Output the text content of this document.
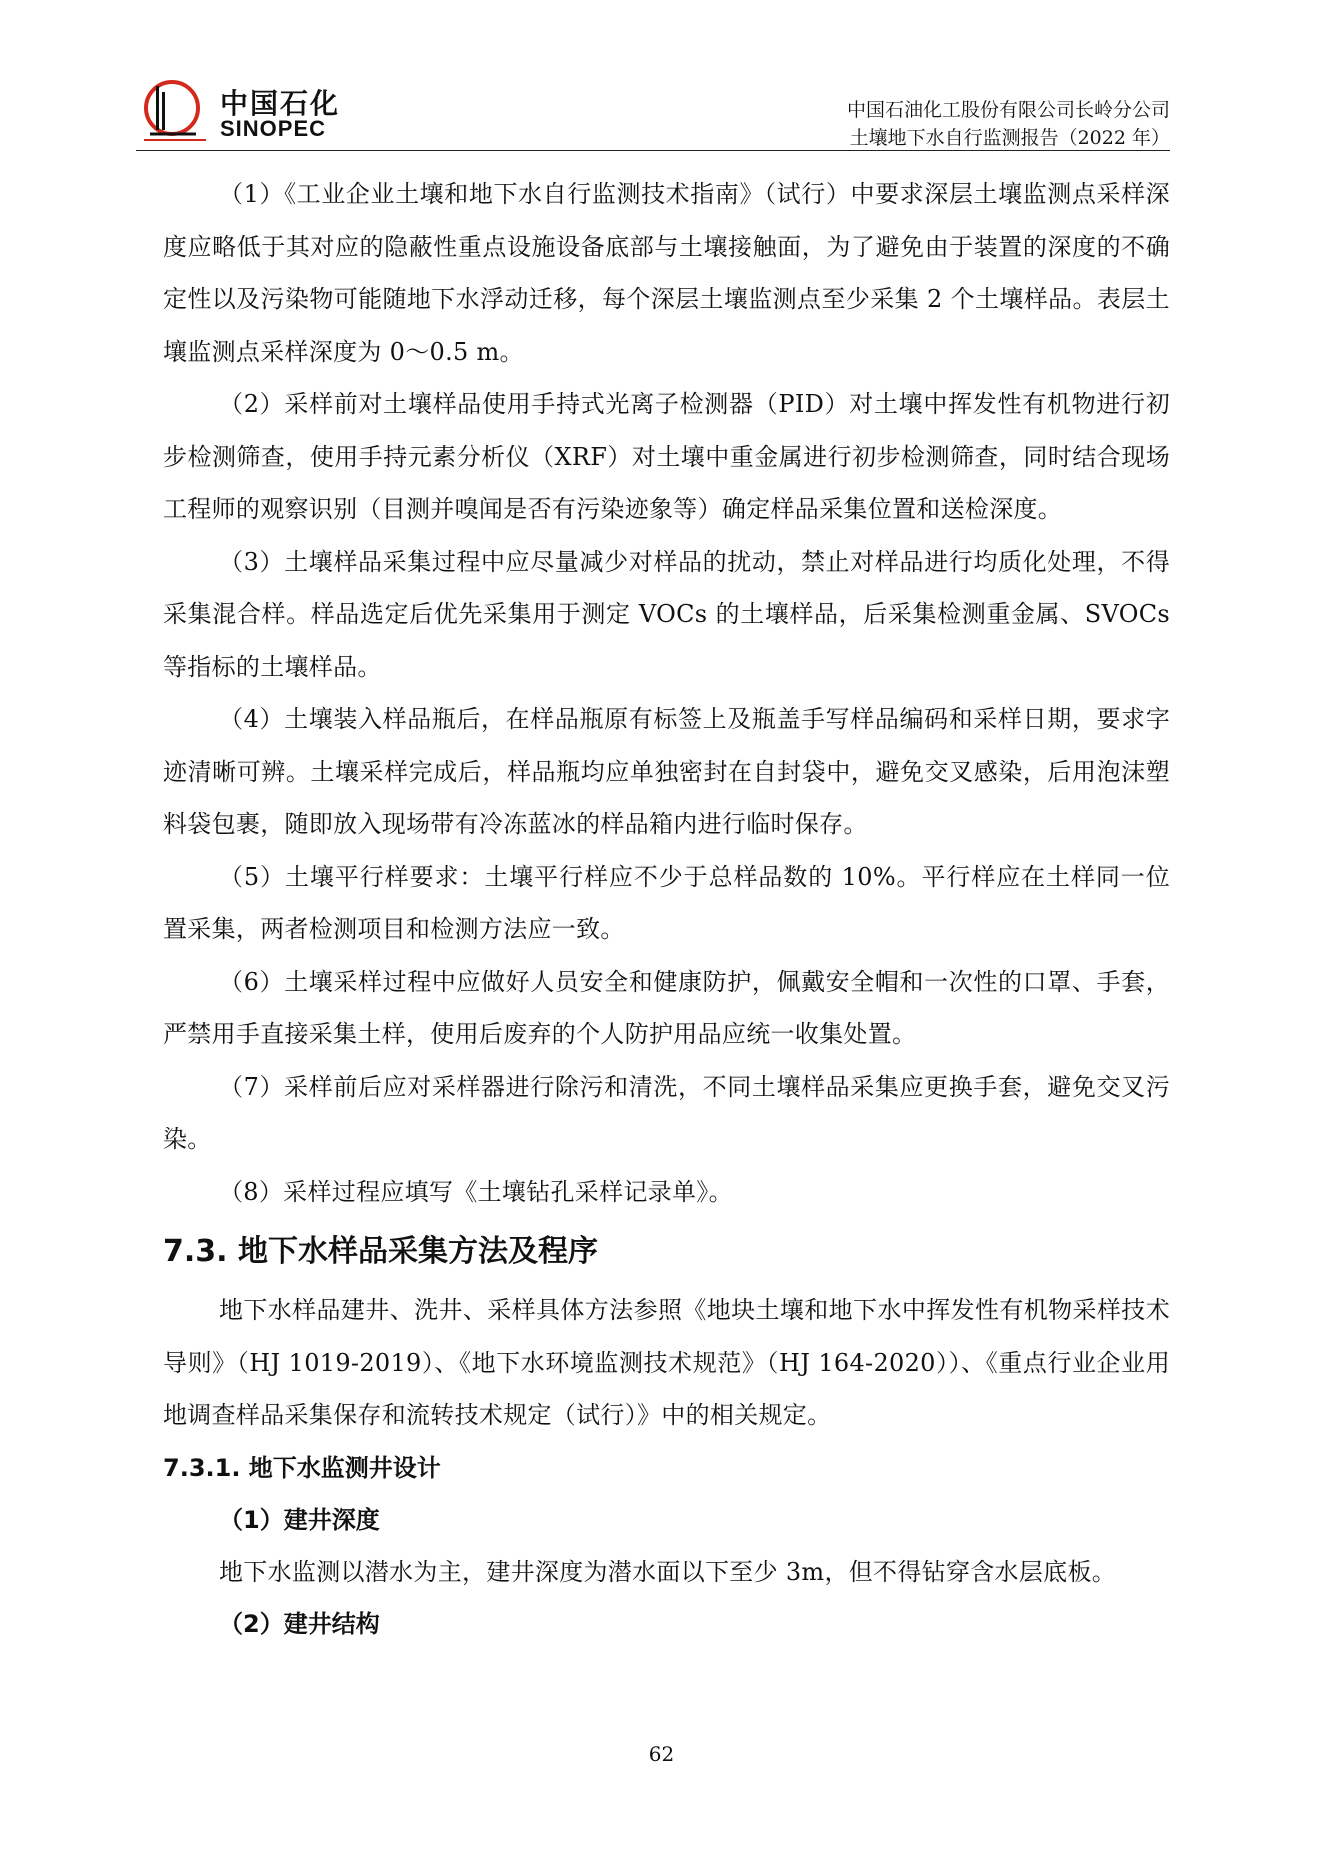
中国石化
SINOPEC
中国石油化工股份有限公司长岭分公司
土壤地下水自行监测报告（2022 年）

（1）《工业企业土壤和地下水自行监测技术指南》（试行）中要求深层土壤监测点采样深度应略低于其对应的隐蔽性重点设施设备底部与土壤接触面，为了避免由于装置的深度的不确定性以及污染物可能随地下水浮动迁移，每个深层土壤监测点至少采集 2 个土壤样品。表层土壤监测点采样深度为 0～0.5 m。

（2）采样前对土壤样品使用手持式光离子检测器（PID）对土壤中挥发性有机物进行初步检测筛查，使用手持元素分析仪（XRF）对土壤中重金属进行初步检测筛查，同时结合现场工程师的观察识别（目测并嗅闻是否有污染迹象等）确定样品采集位置和送检深度。

（3）土壤样品采集过程中应尽量减少对样品的扰动，禁止对样品进行均质化处理，不得采集混合样。样品选定后优先采集用于测定 VOCs 的土壤样品，后采集检测重金属、SVOCs 等指标的土壤样品。

（4）土壤装入样品瓶后，在样品瓶原有标签上及瓶盖手写样品编码和采样日期，要求字迹清晰可辨。土壤采样完成后，样品瓶均应单独密封在自封袋中，避免交叉感染，后用泡沫塑料袋包裹，随即放入现场带有冷冻蓝冰的样品箱内进行临时保存。

（5）土壤平行样要求：土壤平行样应不少于总样品数的 10%。平行样应在土样同一位置采集，两者检测项目和检测方法应一致。

（6）土壤采样过程中应做好人员安全和健康防护，佩戴安全帽和一次性的口罩、手套，严禁用手直接采集土样，使用后废弃的个人防护用品应统一收集处置。

（7）采样前后应对采样器进行除污和清洗，不同土壤样品采集应更换手套，避免交叉污染。

（8）采样过程应填写《土壤钻孔采样记录单》。

7.3. 地下水样品采集方法及程序

地下水样品建井、洗井、采样具体方法参照《地块土壤和地下水中挥发性有机物采样技术导则》（HJ 1019-2019）、《地下水环境监测技术规范》（HJ 164-2020））、《重点行业企业用地调查样品采集保存和流转技术规定（试行）》中的相关规定。

7.3.1. 地下水监测井设计
（1）建井深度

地下水监测以潜水为主，建井深度为潜水面以下至少 3m，但不得钻穿含水层底板。

（2）建井结构
62
